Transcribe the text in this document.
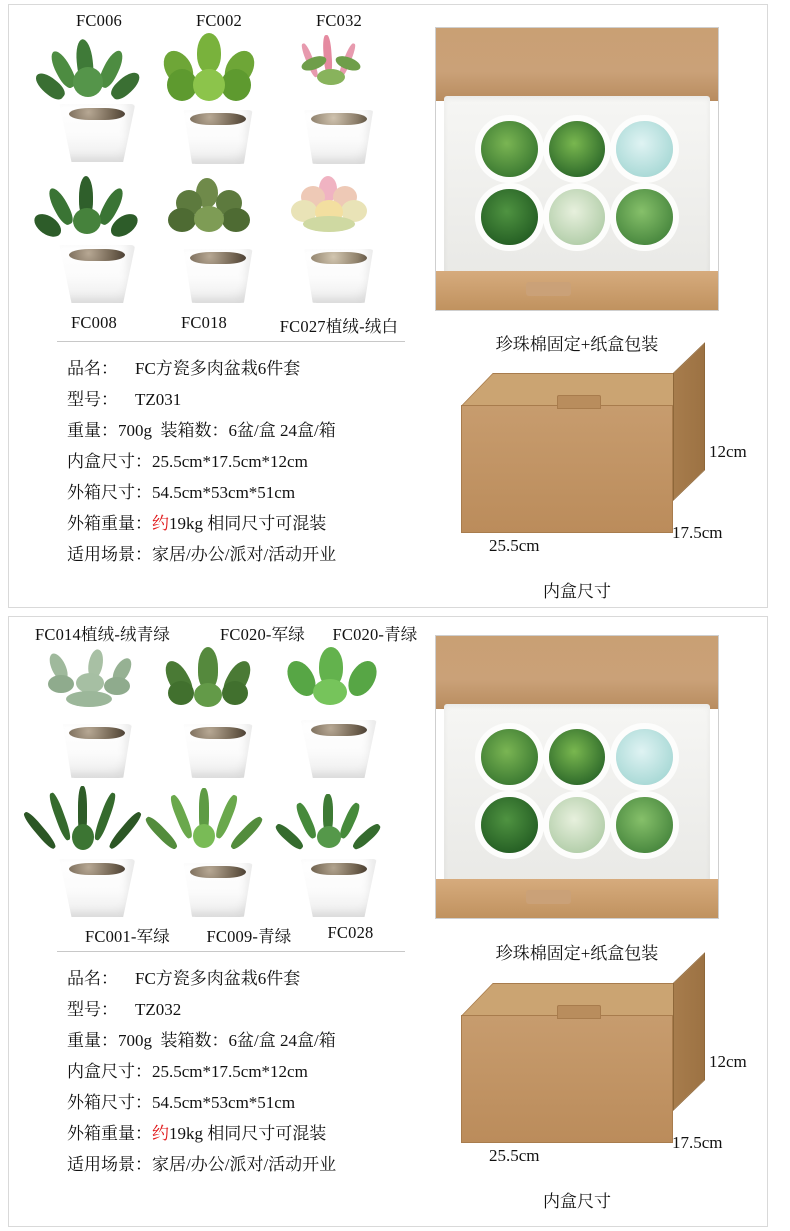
FC006	FC002	FC032
FC008	FC018	FC027植绒-绒白
品名： FC方瓷多肉盆栽6件套
型号： TZ031
重量：700g 装箱数：6盆/盒 24盒/箱
内盒尺寸：25.5cm*17.5cm*12cm
外箱尺寸：54.5cm*53cm*51cm
外箱重量：约19kg 相同尺寸可混装
适用场景：家居/办公/派对/活动开业
珍珠棉固定+纸盒包装
25.5cm
17.5cm
12cm
内盒尺寸
FC014植绒-绒青绿	FC020-军绿	FC020-青绿
FC001-军绿	FC009-青绿	FC028
品名： FC方瓷多肉盆栽6件套
型号： TZ032
重量：700g 装箱数：6盆/盒 24盒/箱
内盒尺寸：25.5cm*17.5cm*12cm
外箱尺寸：54.5cm*53cm*51cm
外箱重量：约19kg 相同尺寸可混装
适用场景：家居/办公/派对/活动开业
珍珠棉固定+纸盒包装
25.5cm
17.5cm
12cm
内盒尺寸
